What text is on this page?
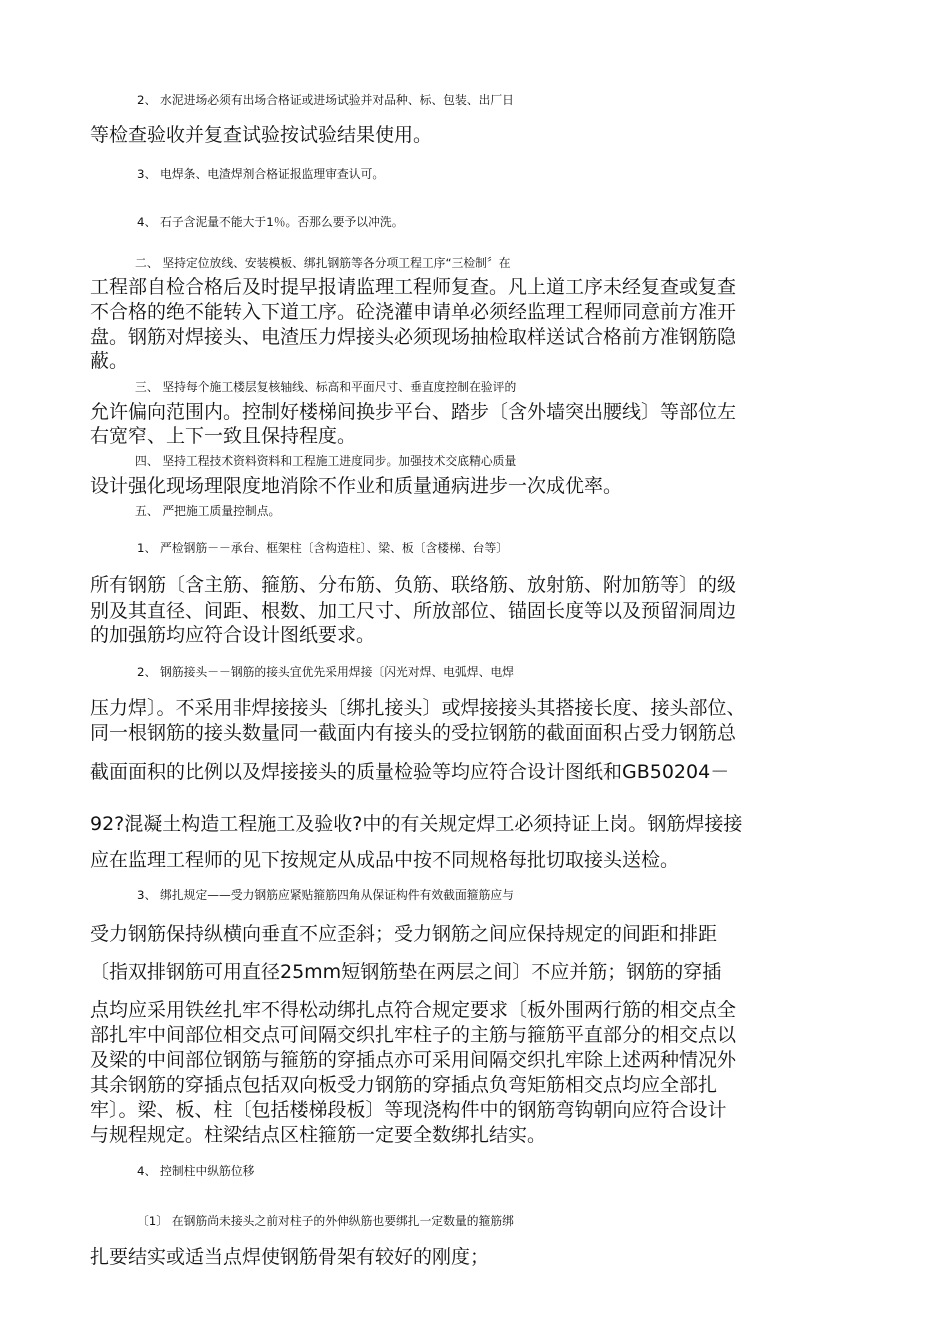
2、 水泥进场必须有出场合格证或进场试验并对品种、标、包装、出厂日
等检查验收并复查试验按试验结果使用。
3、 电焊条、电渣焊剂合格证报监理审查认可。
4、 石子含泥量不能大于1％。否那么要予以冲洗。
二、 坚持定位放线、安装模板、绑扎钢筋等各分项工程工序“三检制〞在
工程部自检合格后及时提早报请监理工程师复查。凡上道工序未经复查或复查
不合格的绝不能转入下道工序。砼浇灌申请单必须经监理工程师同意前方准开
盘。钢筋对焊接头、电渣压力焊接头必须现场抽检取样送试合格前方准钢筋隐
蔽。
三、 坚持每个施工楼层复核轴线、标高和平面尺寸、垂直度控制在验评的
允许偏向范围内。控制好楼梯间换步平台、踏步〔含外墙突出腰线〕等部位左
右宽窄、上下一致且保持程度。
四、 坚持工程技术资料资料和工程施工进度同步。加强技术交底精心质量
设计强化现场理限度地消除不作业和质量通病进步一次成优率。
五、 严把施工质量控制点。
1、 严检钢筋－－承台、框架柱〔含构造柱〕、梁、板〔含楼梯、台等〕
所有钢筋〔含主筋、箍筋、分布筋、负筋、联络筋、放射筋、附加筋等〕的级
别及其直径、间距、根数、加工尺寸、所放部位、锚固长度等以及预留洞周边
的加强筋均应符合设计图纸要求。
2、 钢筋接头－－钢筋的接头宜优先采用焊接〔闪光对焊、电弧焊、电焊
压力焊〕。不采用非焊接接头〔绑扎接头〕或焊接接头其搭接长度、接头部位、
同一根钢筋的接头数量同一截面内有接头的受拉钢筋的截面面积占受力钢筋总
截面面积的比例以及焊接接头的质量检验等均应符合设计图纸和GB50204－
92?混凝土构造工程施工及验收?中的有关规定焊工必须持证上岗。钢筋焊接接
应在监理工程师的见下按规定从成品中按不同规格每批切取接头送检。
3、 绑扎规定——受力钢筋应紧贴箍筋四角从保证构件有效截面箍筋应与
受力钢筋保持纵横向垂直不应歪斜；受力钢筋之间应保持规定的间距和排距
〔指双排钢筋可用直径25mm短钢筋垫在两层之间〕不应并筋；钢筋的穿插
点均应采用铁丝扎牢不得松动绑扎点符合规定要求〔板外围两行筋的相交点全
部扎牢中间部位相交点可间隔交织扎牢柱子的主筋与箍筋平直部分的相交点以
及梁的中间部位钢筋与箍筋的穿插点亦可采用间隔交织扎牢除上述两种情况外
其余钢筋的穿插点包括双向板受力钢筋的穿插点负弯矩筋相交点均应全部扎
牢〕。梁、板、柱〔包括楼梯段板〕等现浇构件中的钢筋弯钩朝向应符合设计
与规程规定。柱梁结点区柱箍筋一定要全数绑扎结实。
4、 控制柱中纵筋位移
〔1〕 在钢筋尚未接头之前对柱子的外伸纵筋也要绑扎一定数量的箍筋绑
扎要结实或适当点焊使钢筋骨架有较好的刚度；
